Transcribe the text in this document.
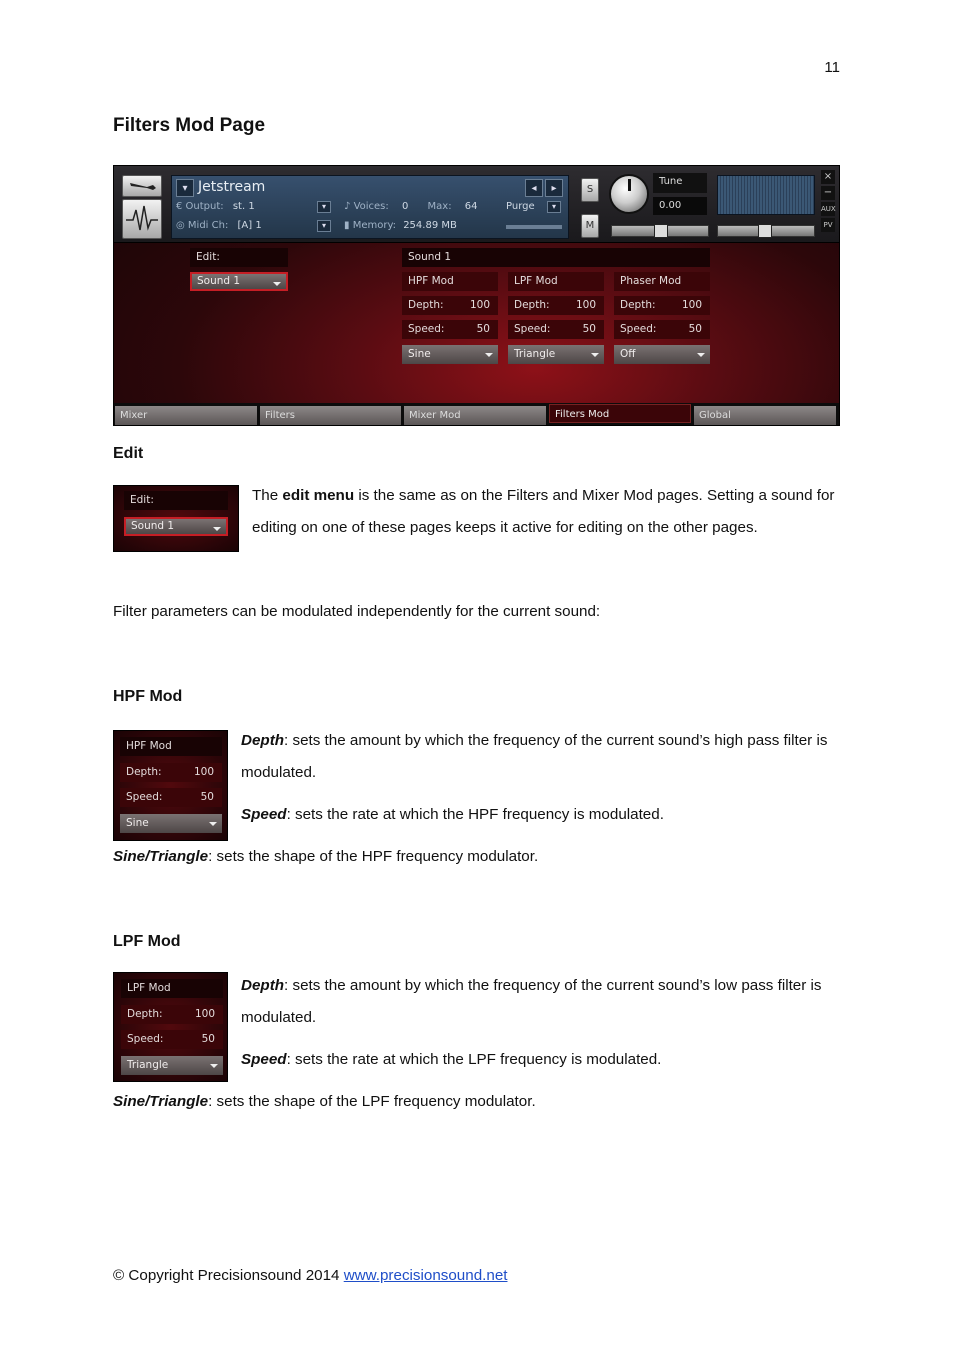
11
Filters Mod Page
▾ Jetstream	◂	▸
€ Output: st. 1	▾
◎ Midi Ch: [A] 1	▾
♪ Voices: 0 Max: 64	Purge	▾
▮ Memory: 254.89 MB
S
M
Tune
0.00
×
−
AUX
PV
Edit:
Sound 1
Sound 1
HPF Mod
Depth:	100
Speed:	50
Sine
LPF Mod
Depth:	100
Speed:	50
Triangle
Phaser Mod
Depth:	100
Speed:	50
Off
Mixer	Filters	Mixer Mod	Filters Mod	Global
Edit
Edit:
Sound 1

The edit menu is the same as on the Filters and Mixer Mod pages. Setting a sound for editing on one of these pages keeps it active for editing on the other pages.

Filter parameters can be modulated independently for the current sound:

HPF Mod
HPF Mod
Depth:	100
Speed:	50
Sine

Depth: sets the amount by which the frequency of the current sound’s high pass filter is modulated.

Speed: sets the rate at which the HPF frequency is modulated.

Sine/Triangle: sets the shape of the HPF frequency modulator.

LPF Mod
LPF Mod
Depth:	100
Speed:	50
Triangle

Depth: sets the amount by which the frequency of the current sound’s low pass filter is modulated.

Speed: sets the rate at which the LPF frequency is modulated.

Sine/Triangle: sets the shape of the LPF frequency modulator.

© Copyright Precisionsound 2014 www.precisionsound.net
